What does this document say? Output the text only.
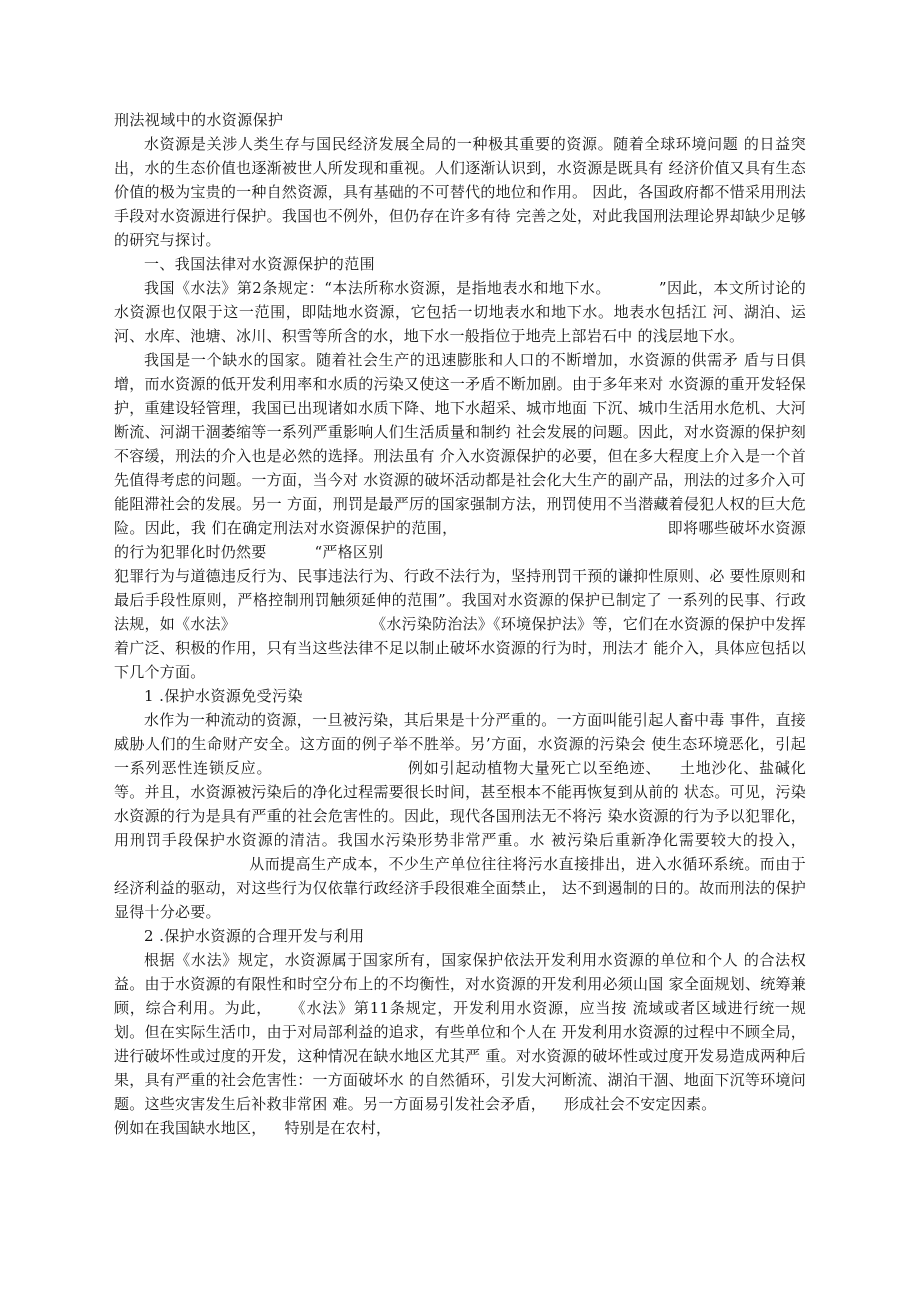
刑法视域中的水资源保护

水资源是关涉人类生存与国民经济发展全局的一种极其重要的资源。随着全球环境问题 的日益突出，水的生态价值也逐渐被世人所发现和重视。人们逐渐认识到，水资源是既具有 经济价值又具有生态价值的极为宝贵的一种自然资源，具有基础的不可替代的地位和作用。 因此，各国政府都不惜采用刑法手段对水资源进行保护。我国也不例外，但仍存在许多有待 完善之处，对此我国刑法理论界却缺少足够的研究与探讨。

一、我国法律对水资源保护的范围

我国《水法》第2条规定：“本法所称水资源，是指地表水和地下水。	”因此，本文所讨论的水资源也仅限于这一范围，即陆地水资源，它包括一切地表水和地下水。地表水包括江 河、湖泊、运河、水库、池塘、冰川、积雪等所含的水，地下水一般指位于地壳上部岩石中 的浅层地下水。

我国是一个缺水的国家。随着社会生产的迅速膨胀和人口的不断增加，水资源的供需矛 盾与日俱增，而水资源的低开发利用率和水质的污染又使这一矛盾不断加剧。由于多年来对 水资源的重开发轻保护，重建设轻管理，我国已出现诸如水质下降、地下水超采、城市地面 下沉、城巾生活用水危机、大河断流、河湖干涸萎缩等一系列严重影响人们生活质量和制约 社会发展的问题。因此，对水资源的保护刻不容缓，刑法的介入也是必然的选择。刑法虽有 介入水资源保护的必要，但在多大程度上介入是一个首先值得考虑的问题。一方面，当今对 水资源的破坏活动都是社会化大生产的副产品，刑法的过多介入可能阻滞社会的发展。另一 方面，刑罚是最严厉的国家强制方法，刑罚使用不当潜藏着侵犯人权的巨大危险。因此，我 们在确定刑法对水资源保护的范围，	即将哪些破坏水资源的行为犯罪化时仍然要	“严格区别

犯罪行为与道德违反行为、民事违法行为、行政不法行为，坚持刑罚干预的谦抑性原则、必 要性原则和最后手段性原则，严格控制刑罚触须延伸的范围”。我国对水资源的保护已制定了 一系列的民事、行政法规，如《水法》	《水污染防治法》《环境保护法》等，它们在水资源的保护中发挥着广泛、积极的作用，只有当这些法律不足以制止破坏水资源的行为时，刑法才 能介入，具体应包括以下几个方面。

1 .保护水资源免受污染

水作为一种流动的资源，一旦被污染，其后果是十分严重的。一方面叫能引起人畜中毒 事件，直接威胁人们的生命财产安全。这方面的例子举不胜举。另’方面，水资源的污染会 使生态环境恶化，引起一系列恶性连锁反应。	例如引起动植物大量死亡以至绝迹、 土地沙化、盐碱化等。并且，水资源被污染后的净化过程需要很长时间，甚至根本不能再恢复到从前的 状态。可见，污染水资源的行为是具有严重的社会危害性的。因此，现代各国刑法无不将污 染水资源的行为予以犯罪化，用刑罚手段保护水资源的清洁。我国水污染形势非常严重。水 被污染后重新净化需要较大的投入，从而提高生产成本，不少生产单位往往将污水直接排出，进入水循环系统。而由于经济利益的驱动，对这些行为仅依靠行政经济手段很难全面禁止， 达不到遏制的日的。故而刑法的保护显得十分必要。

2 .保护水资源的合理开发与利用

根据《水法》规定，水资源属于国家所有，国家保护依法开发利用水资源的单位和个人 的合法权益。由于水资源的有限性和时空分布上的不均衡性，对水资源的开发利用必须山国 家全面规划、统筹兼顾，综合利用。为此， 《水法》第11条规定，开发利用水资源，应当按 流域或者区域进行统一规划。但在实际生活巾，由于对局部利益的追求，有些单位和个人在 开发利用水资源的过程中不顾全局，进行破坏性或过度的开发，这种情况在缺水地区尤其严 重。对水资源的破坏性或过度开发易造成两种后果，具有严重的社会危害性：一方面破坏水 的自然循环，引发大河断流、湖泊干涸、地面下沉等环境问题。这些灾害发生后补救非常困 难。另一方面易引发社会矛盾， 形成社会不安定因素。

例如在我国缺水地区， 特别是在农村，
